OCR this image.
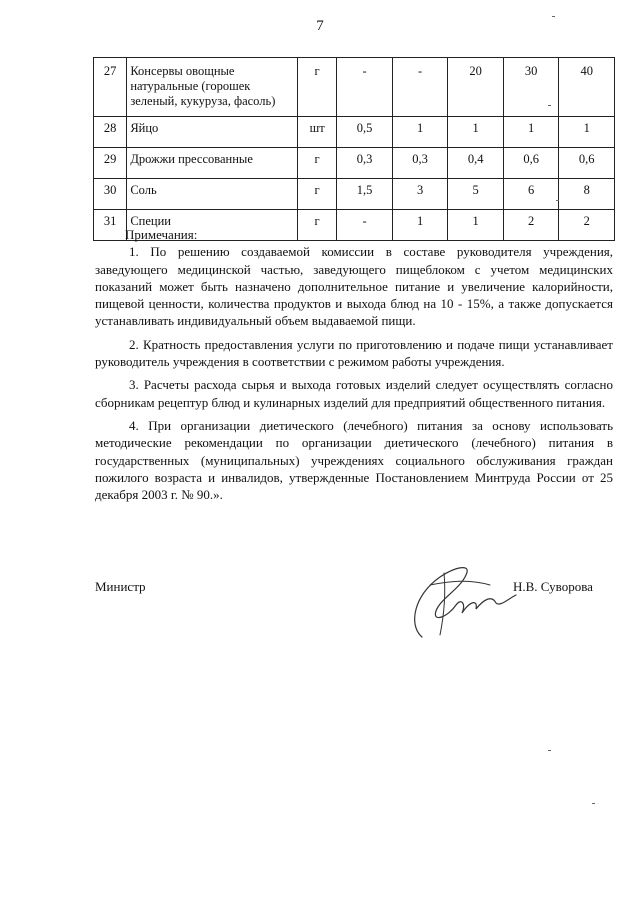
7
27	Консервы овощные натуральные (горошек зеленый, кукуруза, фасоль)	г	-	-	20	30	40
28	Яйцо	шт	0,5	1	1	1	1
29	Дрожжи прессованные	г	0,3	0,3	0,4	0,6	0,6
30	Соль	г	1,5	3	5	6	8
31	Специи	г	-	1	1	2	2

Примечания:

1. По решению создаваемой комиссии в составе руководителя учреждения, заведующего медицинской частью, заведующего пищеблоком с учетом медицинских показаний может быть назначено дополнительное питание и увеличение калорийности, пищевой ценности, количества продуктов и выхода блюд на 10 - 15%, а также допускается устанавливать индивидуальный объем выдаваемой пищи.

2. Кратность предоставления услуги по приготовлению и подаче пищи устанавливает руководитель учреждения в соответствии с режимом работы учреждения.

3. Расчеты расхода сырья и выхода готовых изделий следует осуществлять согласно сборникам рецептур блюд и кулинарных изделий для предприятий общественного питания.

4. При организации диетического (лечебного) питания за основу использовать методические рекомендации по организации диетического (лечебного) питания в государственных (муниципальных) учреждениях социального обслуживания граждан пожилого возраста и инвалидов, утвержденные Постановлением Минтруда России от 25 декабря 2003 г. № 90.».

Министр	Н.В. Суворова
